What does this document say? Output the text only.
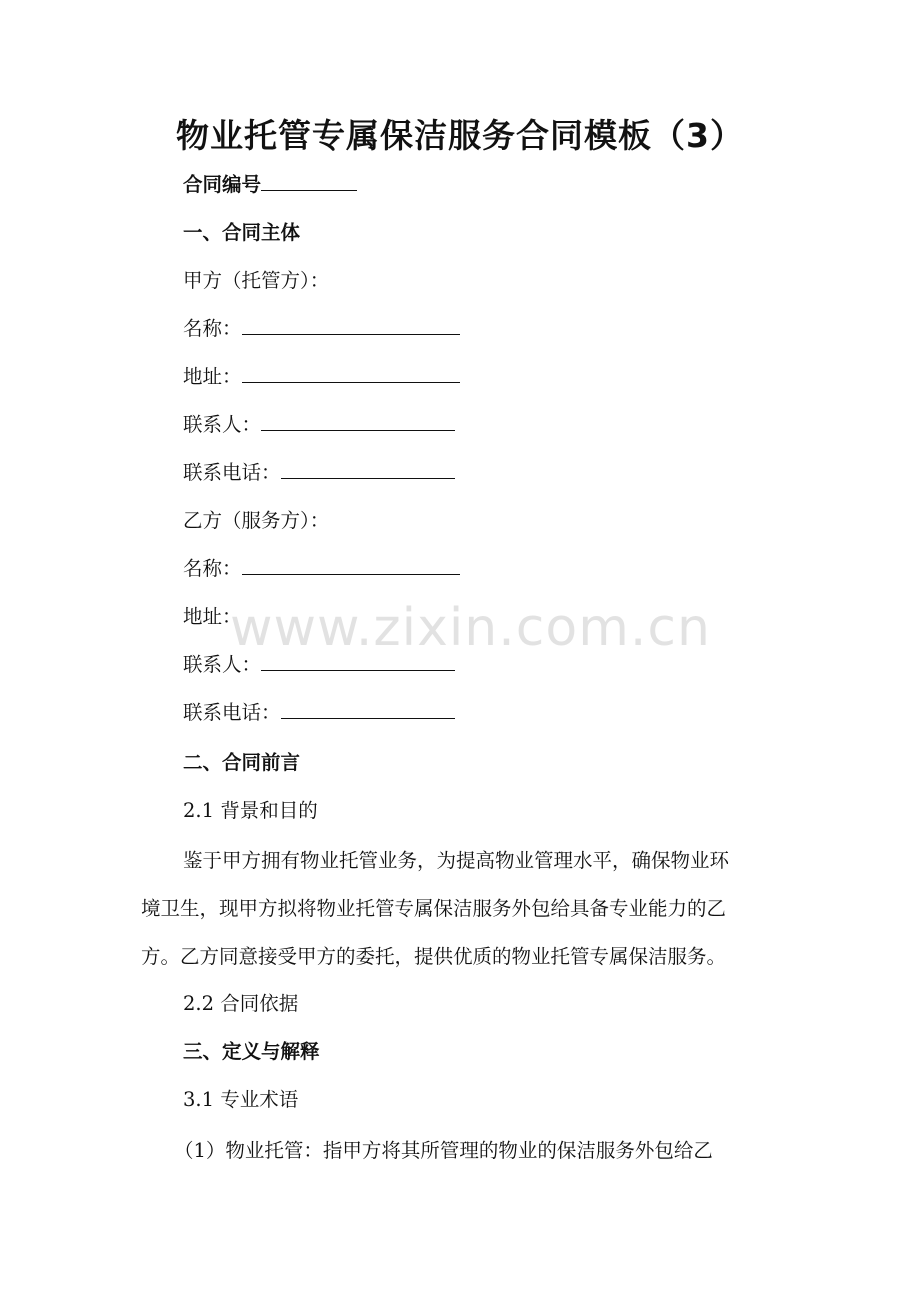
物业托管专属保洁服务合同模板（3）
合同编号
一、合同主体
甲方（托管方）：
名称：
地址：
联系人：
联系电话：
乙方（服务方）：
名称：
地址：
联系人：
联系电话：
二、合同前言
2.1 背景和目的
鉴于甲方拥有物业托管业务，为提高物业管理水平，确保物业环
境卫生，现甲方拟将物业托管专属保洁服务外包给具备专业能力的乙
方。乙方同意接受甲方的委托，提供优质的物业托管专属保洁服务。
2.2 合同依据
三、定义与解释
3.1 专业术语
（1）物业托管：指甲方将其所管理的物业的保洁服务外包给乙
www.zixin.com.cn
